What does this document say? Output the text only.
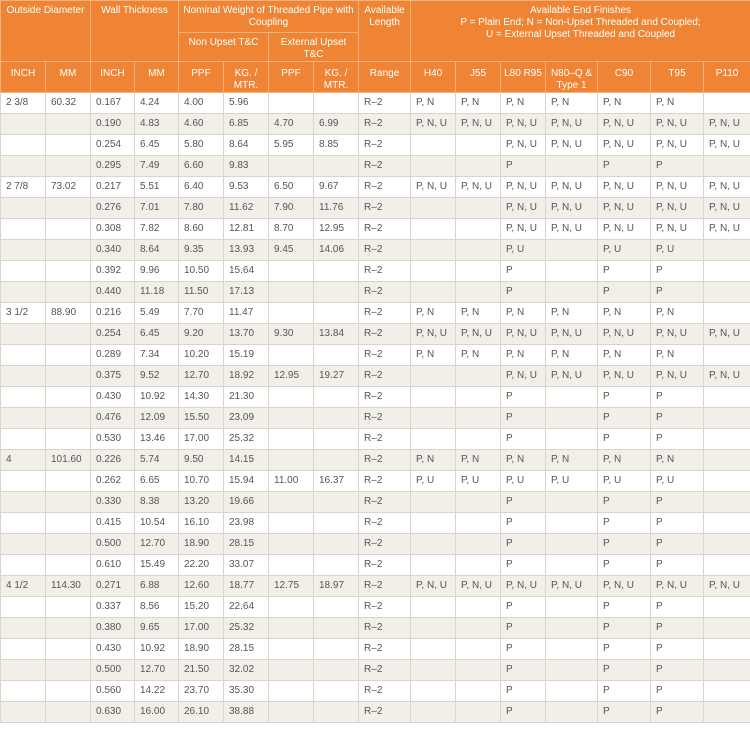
Outside Diameter		Wall Thickness		Nominal Weight of Threaded Pipe with Coupling				Available Length	Available End Finishes
P = Plain End; N = Non-Upset Threaded and Coupled;
U = External Upset Threaded and Coupled						

				Non Upset T&C		External Upset T&C									
INCH	MM	INCH	MM	PPF	KG. / MTR.	PPF	KG. / MTR.	Range	H40	J55	L80 R95	N80–Q & Type 1	C90	T95	P110
2 3/8	60.32	0.167	4.24	4.00	5.96			R–2	P, N	P, N	P, N	P, N	P, N	P, N	
		0.190	4.83	4.60	6.85	4.70	6.99	R–2	P, N, U	P, N, U	P, N, U	P, N, U	P, N, U	P, N, U	P, N, U
		0.254	6.45	5.80	8.64	5.95	8.85	R–2			P, N, U	P, N, U	P, N, U	P, N, U	P, N, U
		0.295	7.49	6.60	9.83			R–2			P		P	P	
2 7/8	73.02	0.217	5.51	6.40	9.53	6.50	9.67	R–2	P, N, U	P, N, U	P, N, U	P, N, U	P, N, U	P, N, U	P, N, U
		0.276	7.01	7.80	11.62	7.90	11.76	R–2			P, N, U	P, N, U	P, N, U	P, N, U	P, N, U
		0.308	7.82	8.60	12.81	8.70	12.95	R–2			P, N, U	P, N, U	P, N, U	P, N, U	P, N, U
		0.340	8.64	9.35	13.93	9.45	14.06	R–2			P, U		P, U	P, U	
		0.392	9.96	10.50	15.64			R–2			P		P	P	
		0.440	11.18	11.50	17.13			R–2			P		P	P	
3 1/2	88.90	0.216	5.49	7.70	11.47			R–2	P, N	P, N	P, N	P, N	P, N	P, N	
		0.254	6.45	9.20	13.70	9.30	13.84	R–2	P, N, U	P, N, U	P, N, U	P, N, U	P, N, U	P, N, U	P, N, U
		0.289	7.34	10.20	15.19			R–2	P, N	P, N	P, N	P, N	P, N	P, N	
		0.375	9.52	12.70	18.92	12.95	19.27	R–2			P, N, U	P, N, U	P, N, U	P, N, U	P, N, U
		0.430	10.92	14.30	21.30			R–2			P		P	P	
		0.476	12.09	15.50	23.09			R–2			P		P	P	
		0.530	13.46	17.00	25.32			R–2			P		P	P	
4	101.60	0.226	5.74	9.50	14.15			R–2	P, N	P, N	P, N	P, N	P, N	P, N	
		0.262	6.65	10.70	15.94	11.00	16.37	R–2	P, U	P, U	P, U	P, U	P, U	P, U	
		0.330	8.38	13.20	19.66			R–2			P		P	P	
		0.415	10.54	16.10	23.98			R–2			P		P	P	
		0.500	12.70	18.90	28.15			R–2			P		P	P	
		0.610	15.49	22.20	33.07			R–2			P		P	P	
4 1/2	114.30	0.271	6.88	12.60	18.77	12.75	18.97	R–2	P, N, U	P, N, U	P, N, U	P, N, U	P, N, U	P, N, U	P, N, U
		0.337	8.56	15.20	22.64			R–2			P		P	P	
		0.380	9.65	17.00	25.32			R–2			P		P	P	
		0.430	10.92	18.90	28.15			R–2			P		P	P	
		0.500	12.70	21.50	32.02			R–2			P		P	P	
		0.560	14.22	23.70	35.30			R–2			P		P	P	
		0.630	16.00	26.10	38.88			R–2			P		P	P	
